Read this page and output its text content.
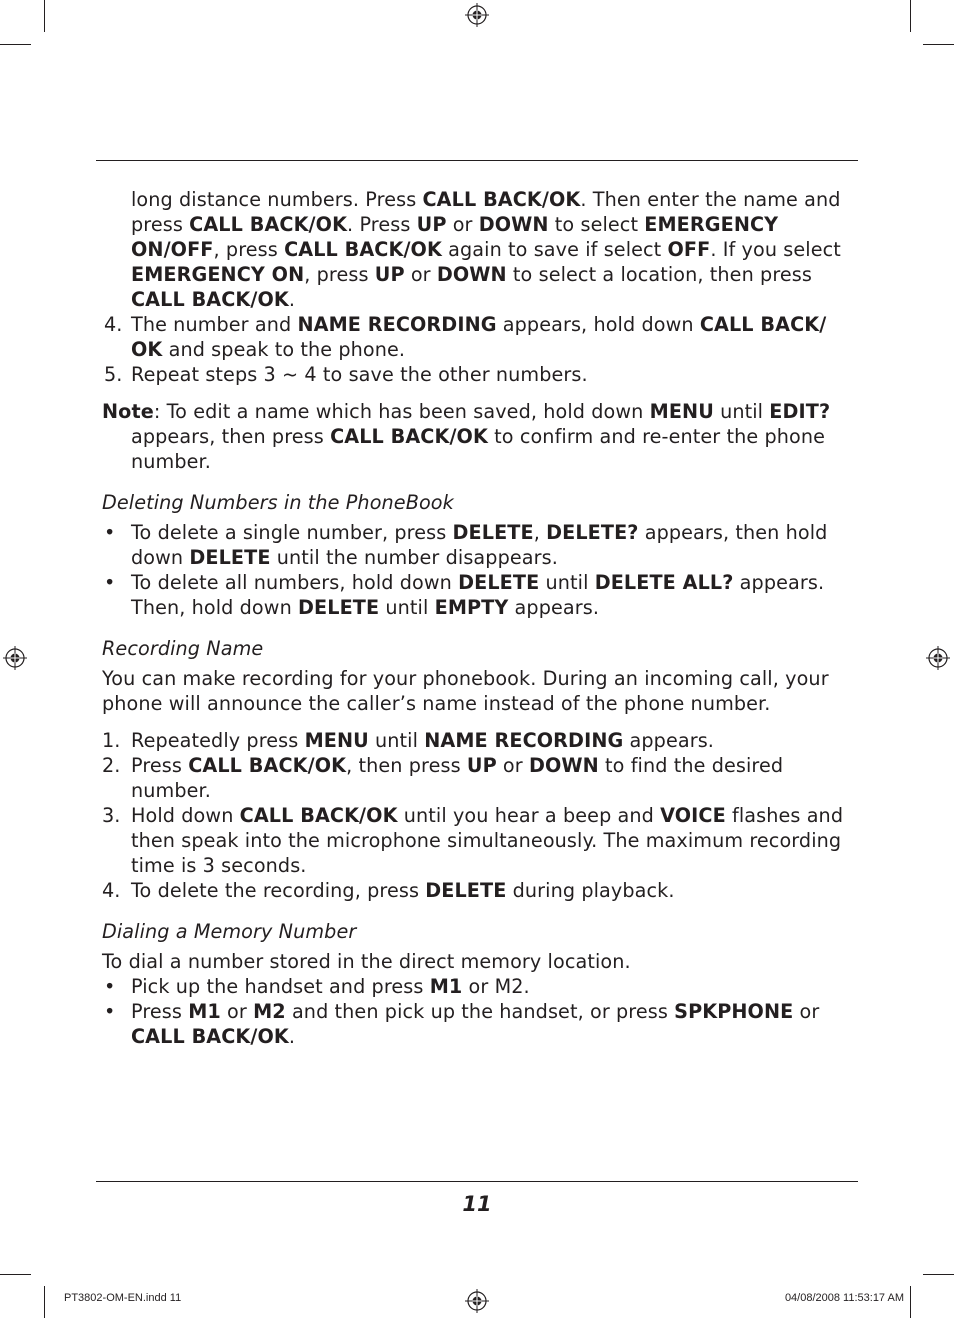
long distance numbers. Press CALL BACK/OK. Then enter the name and press CALL BACK/OK. Press UP or DOWN to select EMERGENCY ON/OFF, press CALL BACK/OK again to save if select OFF. If you select EMERGENCY ON, press UP or DOWN to select a location, then press CALL BACK/OK.

4. The number and NAME RECORDING appears, hold down CALL BACK/ OK and speak to the phone.
5. Repeat steps 3 ~ 4 to save the other numbers.

Note: To edit a name which has been saved, hold down MENU until EDIT? appears, then press CALL BACK/OK to confirm and re-enter the phone number.

Deleting Numbers in the PhoneBook

• To delete a single number, press DELETE, DELETE? appears, then hold down DELETE until the number disappears.
• To delete all numbers, hold down DELETE until DELETE ALL? appears. Then, hold down DELETE until EMPTY appears.

Recording Name

You can make recording for your phonebook. During an incoming call, your phone will announce the caller’s name instead of the phone number.

1. Repeatedly press MENU until NAME RECORDING appears.
2. Press CALL BACK/OK, then press UP or DOWN to find the desired number.
3. Hold down CALL BACK/OK until you hear a beep and VOICE flashes and then speak into the microphone simultaneously. The maximum recording time is 3 seconds.
4. To delete the recording, press DELETE during playback.

Dialing a Memory Number

To dial a number stored in the direct memory location.

• Pick up the handset and press M1 or M2.
• Press M1 or M2 and then pick up the handset, or press SPKPHONE or CALL BACK/OK.
11
PT3802-OM-EN.indd 11	04/08/2008 11:53:17 AM
